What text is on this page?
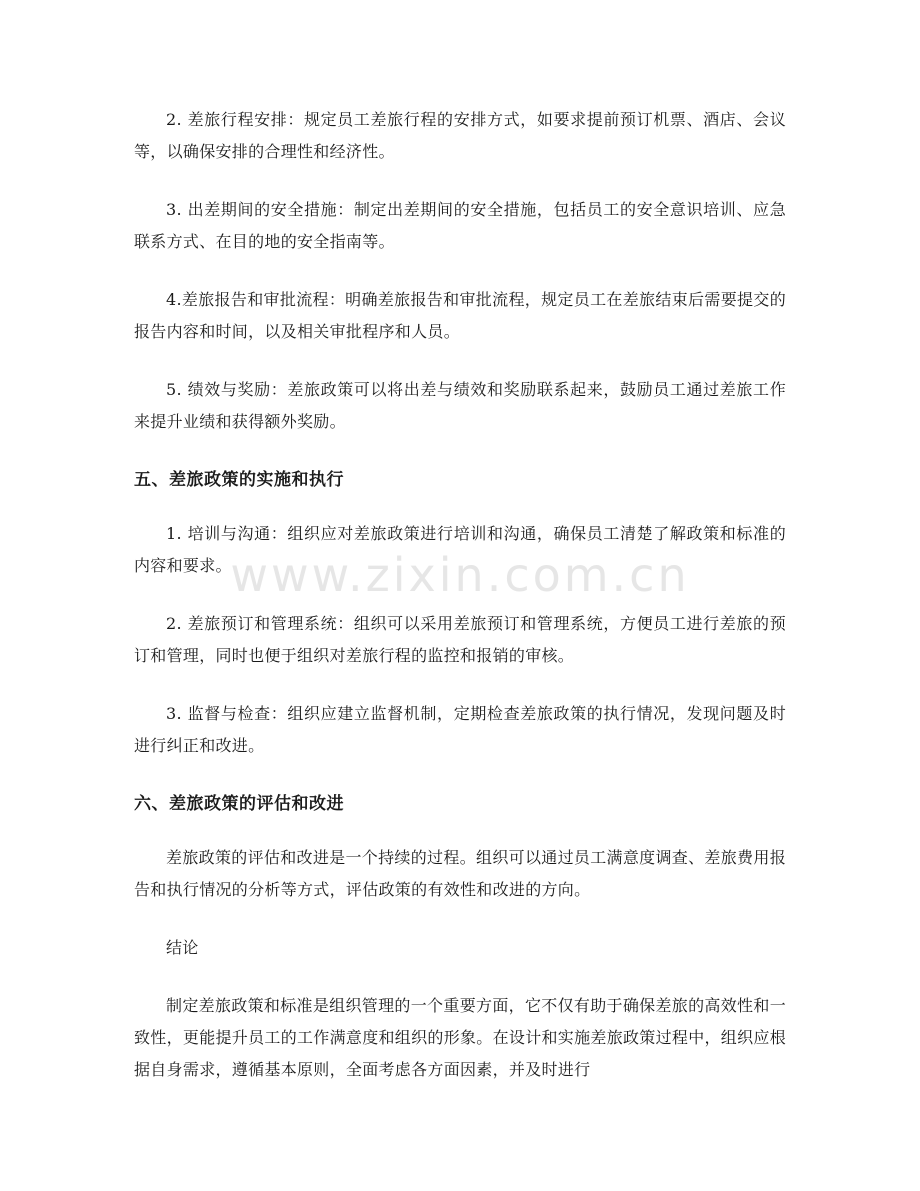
2. 差旅行程安排：规定员工差旅行程的安排方式，如要求提前预订机票、酒店、会议等，以确保安排的合理性和经济性。

3. 出差期间的安全措施：制定出差期间的安全措施，包括员工的安全意识培训、应急联系方式、在目的地的安全指南等。

4.差旅报告和审批流程：明确差旅报告和审批流程，规定员工在差旅结束后需要提交的报告内容和时间，以及相关审批程序和人员。

5. 绩效与奖励：差旅政策可以将出差与绩效和奖励联系起来，鼓励员工通过差旅工作来提升业绩和获得额外奖励。

五、差旅政策的实施和执行

1. 培训与沟通：组织应对差旅政策进行培训和沟通，确保员工清楚了解政策和标准的内容和要求。

2. 差旅预订和管理系统：组织可以采用差旅预订和管理系统，方便员工进行差旅的预订和管理，同时也便于组织对差旅行程的监控和报销的审核。

3. 监督与检查：组织应建立监督机制，定期检查差旅政策的执行情况，发现问题及时进行纠正和改进。

六、差旅政策的评估和改进

差旅政策的评估和改进是一个持续的过程。组织可以通过员工满意度调查、差旅费用报告和执行情况的分析等方式，评估政策的有效性和改进的方向。

结论

制定差旅政策和标准是组织管理的一个重要方面，它不仅有助于确保差旅的高效性和一致性，更能提升员工的工作满意度和组织的形象。在设计和实施差旅政策过程中，组织应根据自身需求，遵循基本原则，全面考虑各方面因素，并及时进行

www.zixin.com.cn
